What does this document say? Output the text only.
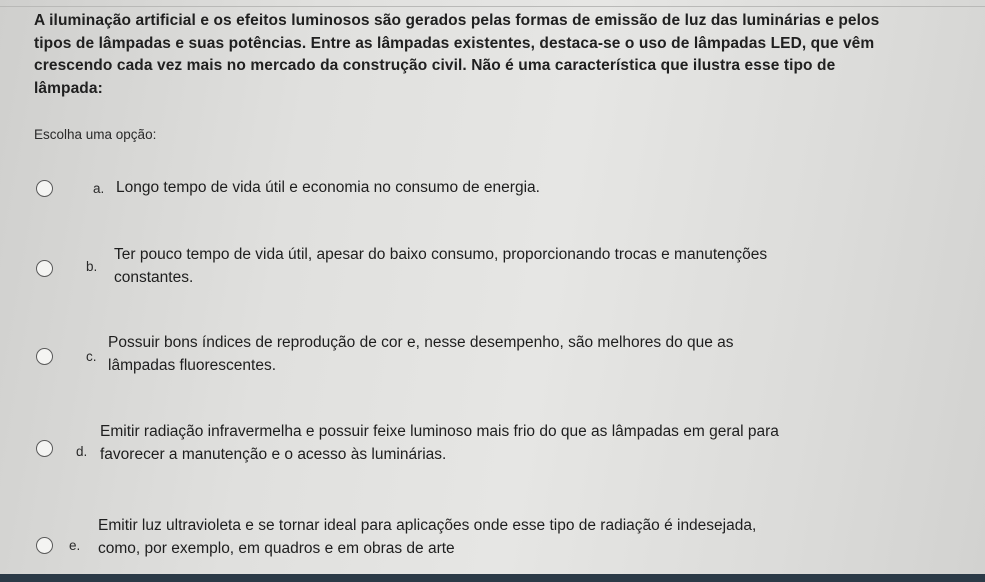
A iluminação artificial e os efeitos luminosos são gerados pelas formas de emissão de luz das luminárias e pelos
tipos de lâmpadas e suas potências. Entre as lâmpadas existentes, destaca-se o uso de lâmpadas LED, que vêm
crescendo cada vez mais no mercado da construção civil. Não é uma característica que ilustra esse tipo de
lâmpada:
Escolha uma opção:
a. Longo tempo de vida útil e economia no consumo de energia.
b.
Ter pouco tempo de vida útil, apesar do baixo consumo, proporcionando trocas e manutenções
constantes.
c.
Possuir bons índices de reprodução de cor e, nesse desempenho, são melhores do que as
lâmpadas fluorescentes.
d.
Emitir radiação infravermelha e possuir feixe luminoso mais frio do que as lâmpadas em geral para
favorecer a manutenção e o acesso às luminárias.
e.
Emitir luz ultravioleta e se tornar ideal para aplicações onde esse tipo de radiação é indesejada,
como, por exemplo, em quadros e em obras de arte
